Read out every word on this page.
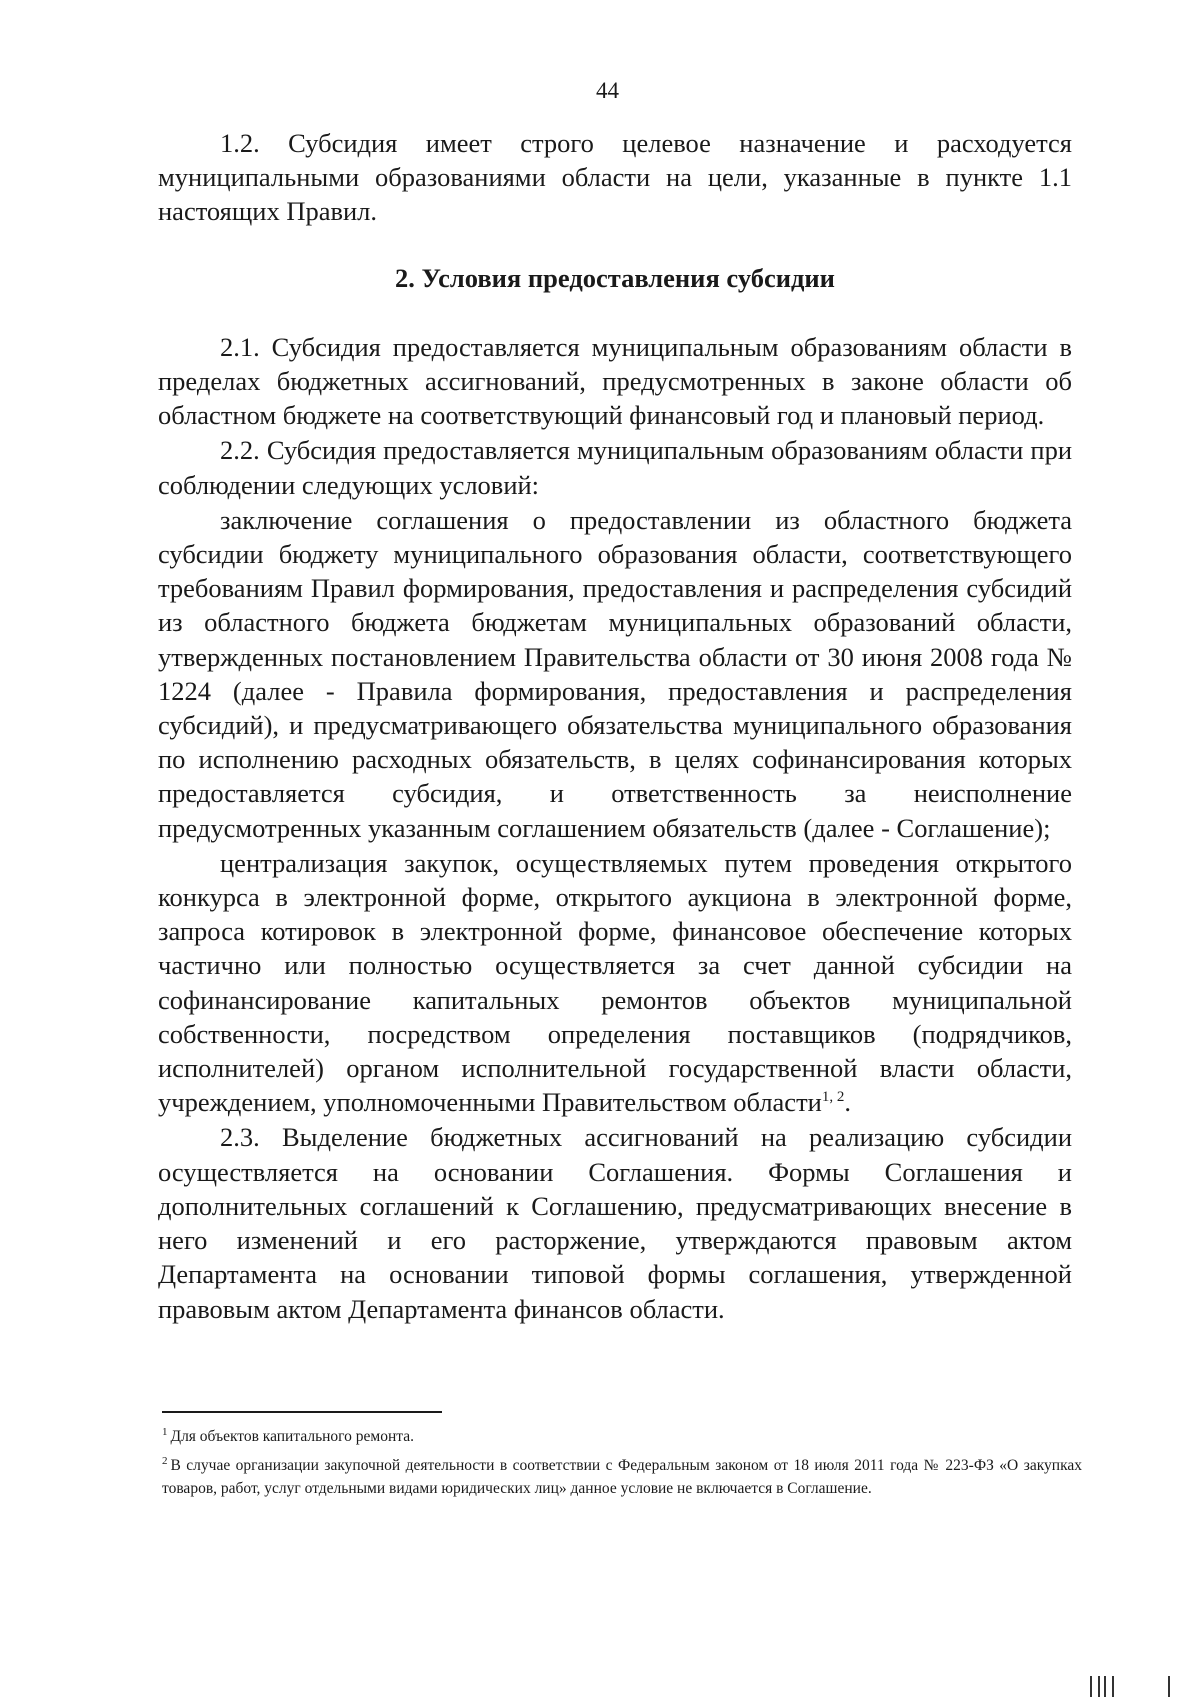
44

1.2. Субсидия имеет строго целевое назначение и расходуется муниципальными образованиями области на цели, указанные в пункте 1.1 настоящих Правил.

2. Условия предоставления субсидии

2.1. Субсидия предоставляется муниципальным образованиям области в пределах бюджетных ассигнований, предусмотренных в законе области об областном бюджете на соответствующий финансовый год и плановый период.

2.2. Субсидия предоставляется муниципальным образованиям области при соблюдении следующих условий:

заключение соглашения о предоставлении из областного бюджета субсидии бюджету муниципального образования области, соответствующего требованиям Правил формирования, предоставления и распределения субсидий из областного бюджета бюджетам муниципальных образований области, утвержденных постановлением Правительства области от 30 июня 2008 года № 1224 (далее - Правила формирования, предоставления и распределения субсидий), и предусматривающего обязательства муниципального образования по исполнению расходных обязательств, в целях софинансирования которых предоставляется субсидия, и ответственность за неисполнение предусмотренных указанным соглашением обязательств (далее - Соглашение);

централизация закупок, осуществляемых путем проведения открытого конкурса в электронной форме, открытого аукциона в электронной форме, запроса котировок в электронной форме, финансовое обеспечение которых частично или полностью осуществляется за счет данной субсидии на софинансирование капитальных ремонтов объектов муниципальной собственности, посредством определения поставщиков (подрядчиков, исполнителей) органом исполнительной государственной власти области, учреждением, уполномоченными Правительством области$^{1, 2}$.

2.3. Выделение бюджетных ассигнований на реализацию субсидии осуществляется на основании Соглашения. Формы Соглашения и дополнительных соглашений к Соглашению, предусматривающих внесение в него изменений и его расторжение, утверждаются правовым актом Департамента на основании типовой формы соглашения, утвержденной правовым актом Департамента финансов области.

$^1$ Для объектов капитального ремонта.

$^2$ В случае организации закупочной деятельности в соответствии с Федеральным законом от 18 июля 2011 года № 223-ФЗ «О закупках товаров, работ, услуг отдельными видами юридических лиц» данное условие не включается в Соглашение.
